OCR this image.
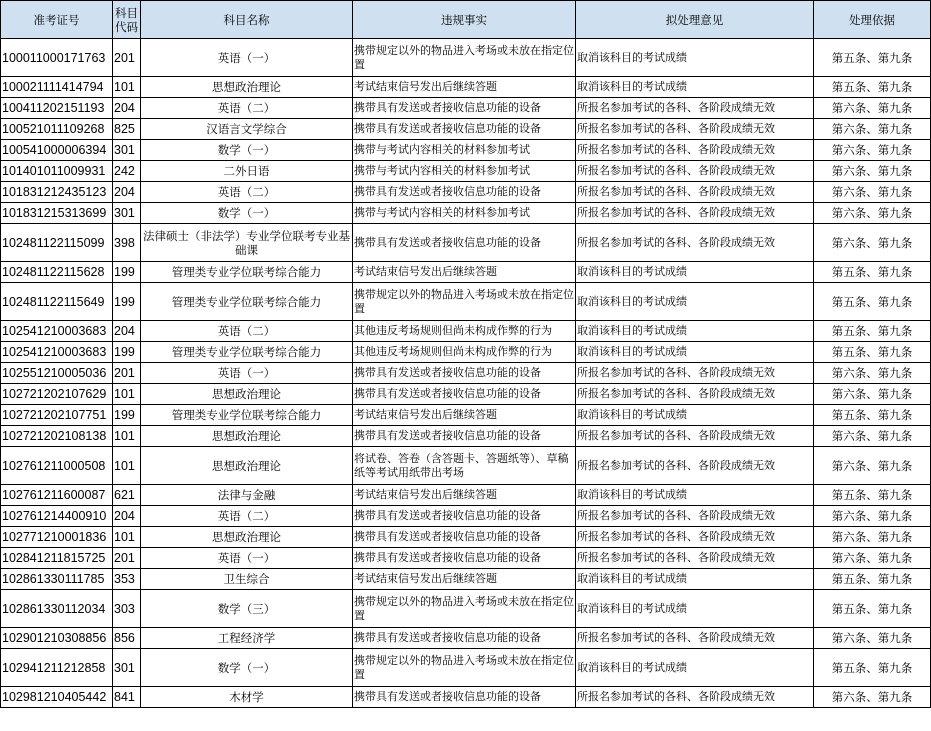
准考证号	科目代码	科目名称	违规事实	拟处理意见	处理依据
100011000171763	201	英语（一）	携带规定以外的物品进入考场或未放在指定位置	取消该科目的考试成绩	第五条、第九条
100021111414794	101	思想政治理论	考试结束信号发出后继续答题	取消该科目的考试成绩	第五条、第九条
100411202151193	204	英语（二）	携带具有发送或者接收信息功能的设备	所报名参加考试的各科、各阶段成绩无效	第六条、第九条
100521011109268	825	汉语言文学综合	携带具有发送或者接收信息功能的设备	所报名参加考试的各科、各阶段成绩无效	第六条、第九条
100541000006394	301	数学（一）	携带与考试内容相关的材料参加考试	所报名参加考试的各科、各阶段成绩无效	第六条、第九条
101401011009931	242	二外日语	携带与考试内容相关的材料参加考试	所报名参加考试的各科、各阶段成绩无效	第六条、第九条
101831212435123	204	英语（二）	携带具有发送或者接收信息功能的设备	所报名参加考试的各科、各阶段成绩无效	第六条、第九条
101831215313699	301	数学（一）	携带与考试内容相关的材料参加考试	所报名参加考试的各科、各阶段成绩无效	第六条、第九条
102481122115099	398	法律硕士（非法学）专业学位联考专业基础课	携带具有发送或者接收信息功能的设备	所报名参加考试的各科、各阶段成绩无效	第六条、第九条
102481122115628	199	管理类专业学位联考综合能力	考试结束信号发出后继续答题	取消该科目的考试成绩	第五条、第九条
102481122115649	199	管理类专业学位联考综合能力	携带规定以外的物品进入考场或未放在指定位置	取消该科目的考试成绩	第五条、第九条
102541210003683	204	英语（二）	其他违反考场规则但尚未构成作弊的行为	取消该科目的考试成绩	第五条、第九条
102541210003683	199	管理类专业学位联考综合能力	其他违反考场规则但尚未构成作弊的行为	取消该科目的考试成绩	第五条、第九条
102551210005036	201	英语（一）	携带具有发送或者接收信息功能的设备	所报名参加考试的各科、各阶段成绩无效	第六条、第九条
102721202107629	101	思想政治理论	携带具有发送或者接收信息功能的设备	所报名参加考试的各科、各阶段成绩无效	第六条、第九条
102721202107751	199	管理类专业学位联考综合能力	考试结束信号发出后继续答题	取消该科目的考试成绩	第五条、第九条
102721202108138	101	思想政治理论	携带具有发送或者接收信息功能的设备	所报名参加考试的各科、各阶段成绩无效	第六条、第九条
102761211000508	101	思想政治理论	将试卷、答卷（含答题卡、答题纸等）、草稿纸等考试用纸带出考场	所报名参加考试的各科、各阶段成绩无效	第六条、第九条
102761211600087	621	法律与金融	考试结束信号发出后继续答题	取消该科目的考试成绩	第五条、第九条
102761214400910	204	英语（二）	携带具有发送或者接收信息功能的设备	所报名参加考试的各科、各阶段成绩无效	第六条、第九条
102771210001836	101	思想政治理论	携带具有发送或者接收信息功能的设备	所报名参加考试的各科、各阶段成绩无效	第六条、第九条
102841211815725	201	英语（一）	携带具有发送或者接收信息功能的设备	所报名参加考试的各科、各阶段成绩无效	第六条、第九条
102861330111785	353	卫生综合	考试结束信号发出后继续答题	取消该科目的考试成绩	第五条、第九条
102861330112034	303	数学（三）	携带规定以外的物品进入考场或未放在指定位置	取消该科目的考试成绩	第五条、第九条
102901210308856	856	工程经济学	携带具有发送或者接收信息功能的设备	所报名参加考试的各科、各阶段成绩无效	第六条、第九条
102941211212858	301	数学（一）	携带规定以外的物品进入考场或未放在指定位置	取消该科目的考试成绩	第五条、第九条
102981210405442	841	木材学	携带具有发送或者接收信息功能的设备	所报名参加考试的各科、各阶段成绩无效	第六条、第九条
